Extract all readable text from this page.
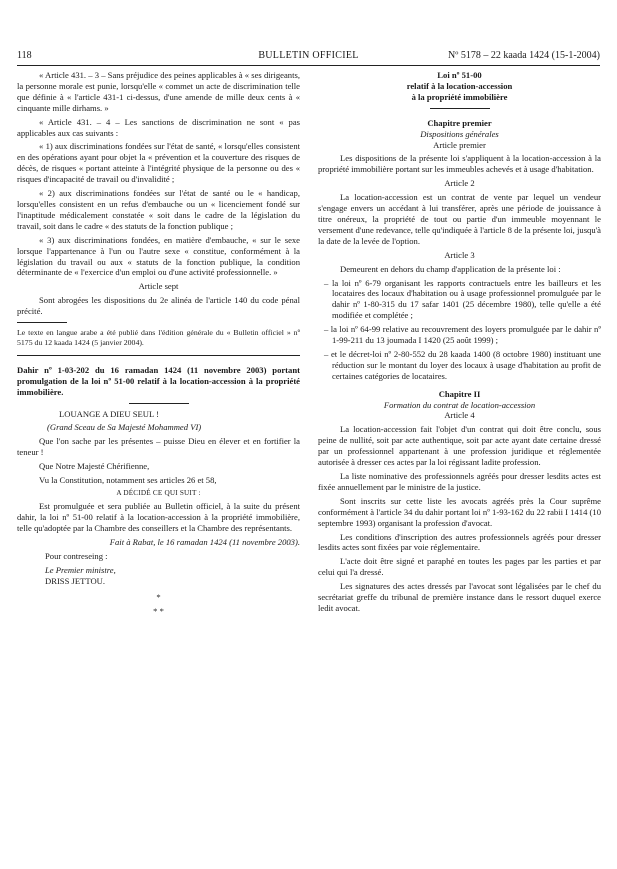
118	BULLETIN OFFICIEL	Nº 5178 – 22 kaada 1424 (15-1-2004)

« Article 431. – 3 – Sans préjudice des peines applicables à « ses dirigeants, la personne morale est punie, lorsqu'elle « commet un acte de discrimination telle que définie à « l'article 431-1 ci-dessus, d'une amende de mille deux cents à « cinquante mille dirhams. »

« Article 431. – 4 – Les sanctions de discrimination ne sont « pas applicables aux cas suivants :

« 1) aux discriminations fondées sur l'état de santé, « lorsqu'elles consistent en des opérations ayant pour objet la « prévention et la couverture des risques de décès, de risques « portant atteinte à l'intégrité physique de la personne ou des « risques d'incapacité de travail ou d'invalidité ;

« 2) aux discriminations fondées sur l'état de santé ou le « handicap, lorsqu'elles consistent en un refus d'embauche ou un « licenciement fondé sur l'inaptitude médicalement constatée « soit dans le cadre de la législation du travail, soit dans le cadre « des statuts de la fonction publique ;

« 3) aux discriminations fondées, en matière d'embauche, « sur le sexe lorsque l'appartenance à l'un ou l'autre sexe « constitue, conformément à la législation du travail ou aux « statuts de la fonction publique, la condition déterminante de « l'exercice d'un emploi ou d'une activité professionnelle. »

Article sept

Sont abrogées les dispositions du 2e alinéa de l'article 140 du code pénal précité.

Le texte en langue arabe a été publié dans l'édition générale du « Bulletin officiel » nº 5175 du 12 kaada 1424 (5 janvier 2004).

Dahir nº 1-03-202 du 16 ramadan 1424 (11 novembre 2003) portant promulgation de la loi nº 51-00 relatif à la location-accession à la propriété immobilière.

LOUANGE A DIEU SEUL !

(Grand Sceau de Sa Majesté Mohammed VI)

Que l'on sache par les présentes – puisse Dieu en élever et en fortifier la teneur !

Que Notre Majesté Chérifienne,

Vu la Constitution, notamment ses articles 26 et 58,

A DÉCIDÉ CE QUI SUIT :

Est promulguée et sera publiée au Bulletin officiel, à la suite du présent dahir, la loi nº 51-00 relatif à la location-accession à la propriété immobilière, telle qu'adoptée par la Chambre des conseillers et la Chambre des représentants.

Fait à Rabat, le 16 ramadan 1424 (11 novembre 2003).

Pour contreseing :

Le Premier ministre,

DRISS JETTOU.

*

* *

Loi nº 51-00

relatif à la location-accession

à la propriété immobilière

Chapitre premier

Dispositions générales

Article premier

Les dispositions de la présente loi s'appliquent à la location-accession à la propriété immobilière portant sur les immeubles achevés et à usage d'habitation.

Article 2

La location-accession est un contrat de vente par lequel un vendeur s'engage envers un accédant à lui transférer, après une période de jouissance à titre onéreux, la propriété de tout ou partie d'un immeuble moyennant le versement d'une redevance, telle qu'indiquée à l'article 8 de la présente loi, jusqu'à la date de la levée de l'option.

Article 3

Demeurent en dehors du champ d'application de la présente loi :

– la loi nº 6-79 organisant les rapports contractuels entre les bailleurs et les locataires des locaux d'habitation ou à usage professionnel promulguée par le dahir nº 1-80-315 du 17 safar 1401 (25 décembre 1980), telle qu'elle a été modifiée et complétée ;

– la loi nº 64-99 relative au recouvrement des loyers promulguée par le dahir nº 1-99-211 du 13 joumada I 1420 (25 août 1999) ;

– et le décret-loi nº 2-80-552 du 28 kaada 1400 (8 octobre 1980) instituant une réduction sur le montant du loyer des locaux à usage d'habitation au profit de certaines catégories de locataires.

Chapitre II

Formation du contrat de location-accession

Article 4

La location-accession fait l'objet d'un contrat qui doit être conclu, sous peine de nullité, soit par acte authentique, soit par acte ayant date certaine dressé par un professionnel appartenant à une profession juridique et réglementée autorisée à dresser ces actes par la loi régissant ladite profession.

La liste nominative des professionnels agréés pour dresser lesdits actes est fixée annuellement par le ministre de la justice.

Sont inscrits sur cette liste les avocats agréés près la Cour suprême conformément à l'article 34 du dahir portant loi nº 1-93-162 du 22 rabii I 1414 (10 septembre 1993) organisant la profession d'avocat.

Les conditions d'inscription des autres professionnels agréés pour dresser lesdits actes sont fixées par voie réglementaire.

L'acte doit être signé et paraphé en toutes les pages par les parties et par celui qui l'a dressé.

Les signatures des actes dressés par l'avocat sont légalisées par le chef du secrétariat greffe du tribunal de première instance dans le ressort duquel exerce ledit avocat.
